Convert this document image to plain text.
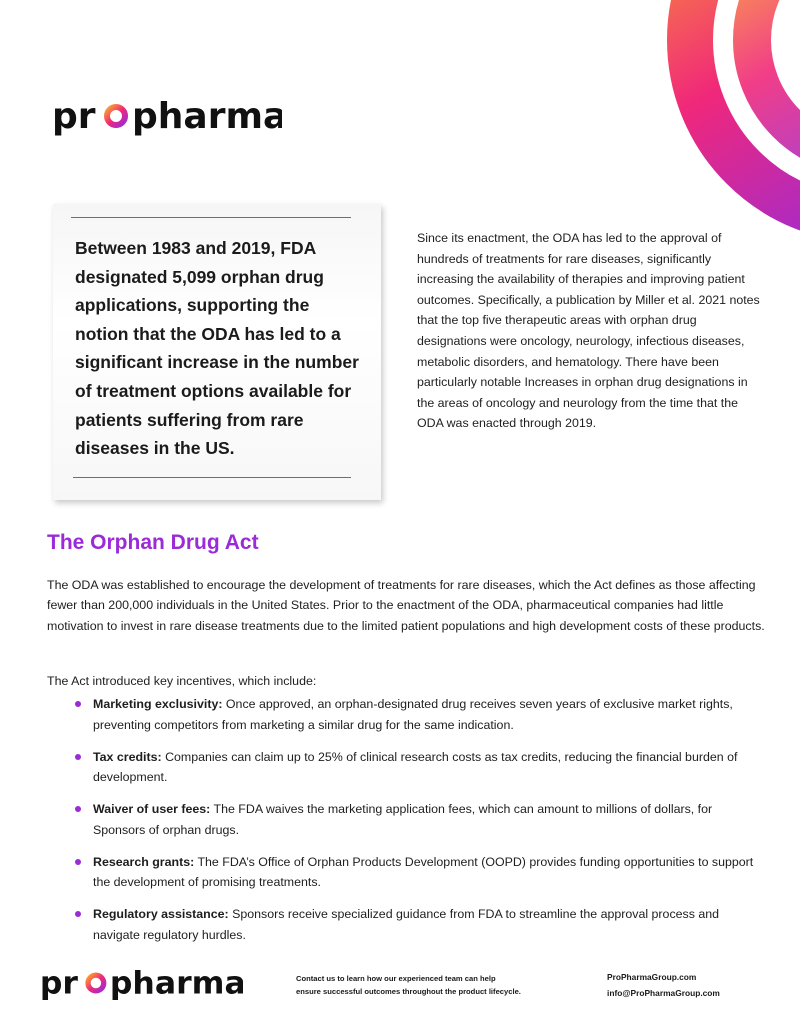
pr pharma
Between 1983 and 2019, FDA designated 5,099 orphan drug applications, supporting the notion that the ODA has led to a significant increase in the number of treatment options available for patients suffering from rare diseases in the US.
Since its enactment, the ODA has led to the approval of hundreds of treatments for rare diseases, significantly increasing the availability of therapies and improving patient outcomes. Specifically, a publication by Miller et al. 2021 notes that the top five therapeutic areas with orphan drug designations were oncology, neurology, infectious diseases, metabolic disorders, and hematology. There have been particularly notable Increases in orphan drug designations in the areas of oncology and neurology from the time that the ODA was enacted through 2019.
The Orphan Drug Act
The ODA was established to encourage the development of treatments for rare diseases, which the Act defines as those affecting fewer than 200,000 individuals in the United States. Prior to the enactment of the ODA, pharmaceutical companies had little motivation to invest in rare disease treatments due to the limited patient populations and high development costs of these products.
The Act introduced key incentives, which include:
Marketing exclusivity: Once approved, an orphan-designated drug receives seven years of exclusive market rights, preventing competitors from marketing a similar drug for the same indication.
Tax credits: Companies can claim up to 25% of clinical research costs as tax credits, reducing the financial burden of development.
Waiver of user fees: The FDA waives the marketing application fees, which can amount to millions of dollars, for Sponsors of orphan drugs.
Research grants: The FDA’s Office of Orphan Products Development (OOPD) provides funding opportunities to support the development of promising treatments.
Regulatory assistance: Sponsors receive specialized guidance from FDA to streamline the approval process and navigate regulatory hurdles.
pr pharma	Contact us to learn how our experienced team can help
ensure successful outcomes throughout the product lifecycle.
ProPharmaGroup.com
info@ProPharmaGroup.com
